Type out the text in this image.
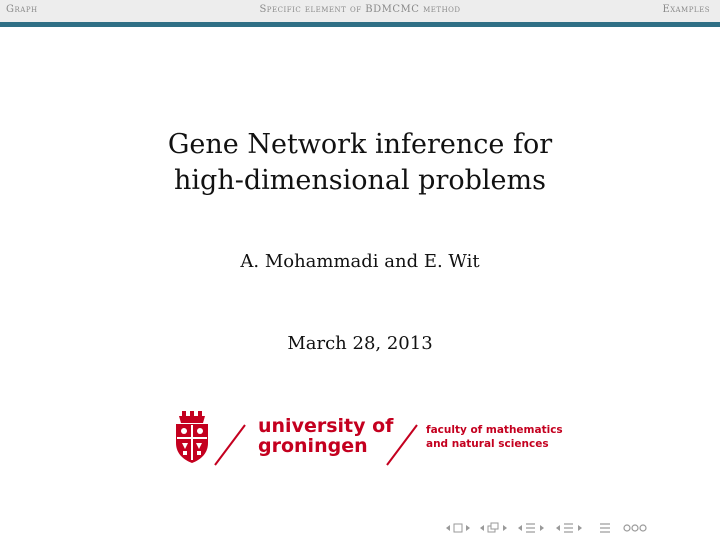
Graph	Specific element of BDMCMC method	Examples
Gene Network inference for
high-dimensional problems
A. Mohammadi and E. Wit
March 28, 2013
university of
groningen
faculty of mathematics
and natural sciences
